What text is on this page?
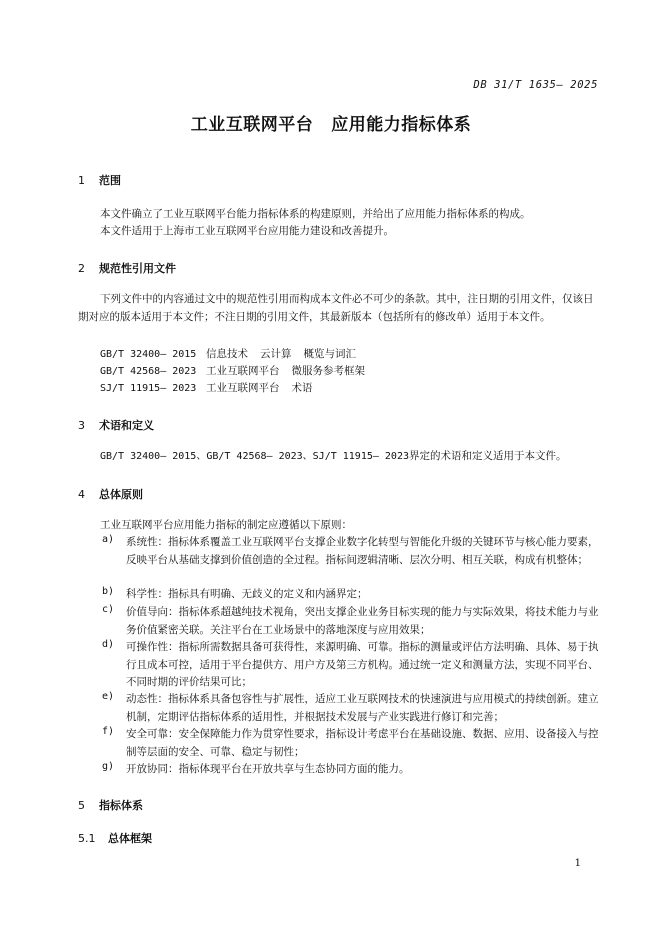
DB 31/T 1635— 2025
工业互联网平台 应用能力指标体系
1 范围
本文件确立了工业互联网平台能力指标体系的构建原则，并给出了应用能力指标体系的构成。
本文件适用于上海市工业互联网平台应用能力建设和改善提升。
2 规范性引用文件
下列文件中的内容通过文中的规范性引用而构成本文件必不可少的条款。其中，注日期的引用文件，仅该日期对应的版本适用于本文件；不注日期的引用文件，其最新版本（包括所有的修改单）适用于本文件。
GB/T 32400— 2015 信息技术 云计算 概览与词汇
GB/T 42568— 2023 工业互联网平台 微服务参考框架
SJ/T 11915— 2023 工业互联网平台 术语
3 术语和定义
GB/T 32400— 2015、GB/T 42568— 2023、SJ/T 11915— 2023界定的术语和定义适用于本文件。
4 总体原则
工业互联网平台应用能力指标的制定应遵循以下原则：
a) 系统性：指标体系覆盖工业互联网平台支撑企业数字化转型与智能化升级的关键环节与核心能力要素，反映平台从基础支撑到价值创造的全过程。指标间逻辑清晰、层次分明、相互关联，构成有机整体；
b) 科学性：指标具有明确、无歧义的定义和内涵界定；
c) 价值导向：指标体系超越纯技术视角，突出支撑企业业务目标实现的能力与实际效果，将技术能力与业务价值紧密关联。关注平台在工业场景中的落地深度与应用效果；
d) 可操作性：指标所需数据具备可获得性，来源明确、可靠。指标的测量或评估方法明确、具体、易于执行且成本可控，适用于平台提供方、用户方及第三方机构。通过统一定义和测量方法，实现不同平台、不同时期的评价结果可比；
e) 动态性：指标体系具备包容性与扩展性，适应工业互联网技术的快速演进与应用模式的持续创新。建立机制，定期评估指标体系的适用性，并根据技术发展与产业实践进行修订和完善；
f) 安全可靠：安全保障能力作为贯穿性要求，指标设计考虑平台在基础设施、数据、应用、设备接入与控制等层面的安全、可靠、稳定与韧性；
g) 开放协同：指标体现平台在开放共享与生态协同方面的能力。
5 指标体系
5.1 总体框架
1
